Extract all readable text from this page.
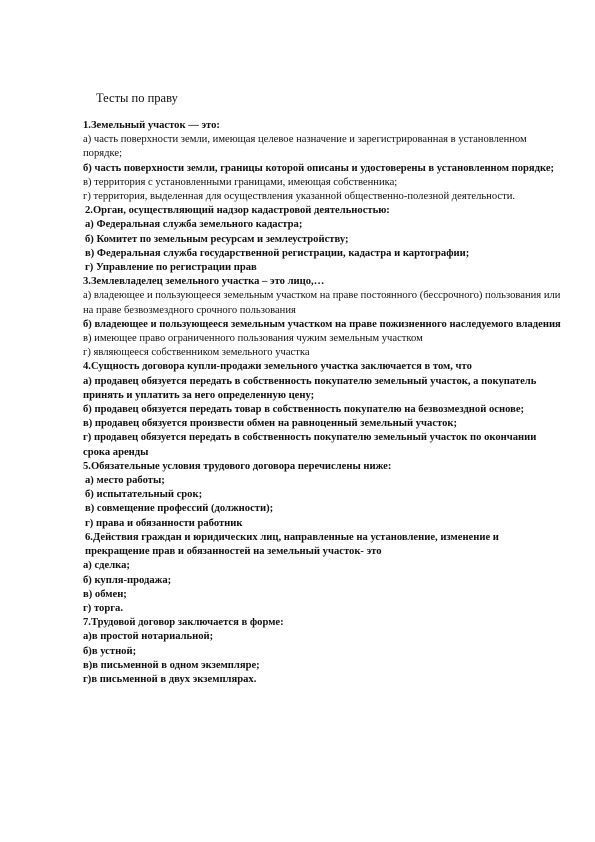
Тесты по праву
1.Земельный участок — это:
а) часть поверхности земли, имеющая целевое назначение и зарегистрированная в установленном порядке;
б) часть поверхности земли, границы которой описаны и удостоверены в установленном порядке;
в) территория с установленными границами, имеющая собственника;
г) территория, выделенная для осуществления указанной общественно-полезной деятельности.
2.Орган, осуществляющий надзор кадастровой деятельностью:
а) Федеральная служба земельного кадастра;
б) Комитет по земельным ресурсам и землеустройству;
в) Федеральная служба государственной регистрации, кадастра и картографии;
г) Управление по регистрации прав
3.Землевладелец земельного участка – это лицо,…
а) владеющее и пользующееся земельным участком на праве постоянного (бессрочного) пользования или на праве безвозмездного срочного пользования
б) владеющее и пользующееся земельным участком на праве пожизненного наследуемого владения
в) имеющее право ограниченного пользования чужим земельным участком
г) являющееся собственником земельного участка
4.Сущность договора купли-продажи земельного участка заключается в том, что
а) продавец обязуется передать в собственность покупателю земельный участок, а покупатель принять и уплатить за него определенную цену;
б) продавец обязуется передать товар в собственность покупателю на безвозмездной основе;
в) продавец обязуется произвести обмен на равноценный земельный участок;
г) продавец обязуется передать в собственность покупателю земельный участок по окончании срока аренды
5.Обязательные условия трудового договора перечислены ниже:
а) место работы;
б) испытательный срок;
в) совмещение профессий (должности);
г) права и обязанности работник
6.Действия граждан и юридических лиц, направленные на установление, изменение и прекращение прав и обязанностей на земельный участок- это
а) сделка;
б) купля-продажа;
в) обмен;
г) торга.
7.Трудовой договор заключается в форме:
а)в простой нотариальной;
б)в устной;
в)в письменной в одном экземпляре;
г)в письменной в двух экземплярах.
